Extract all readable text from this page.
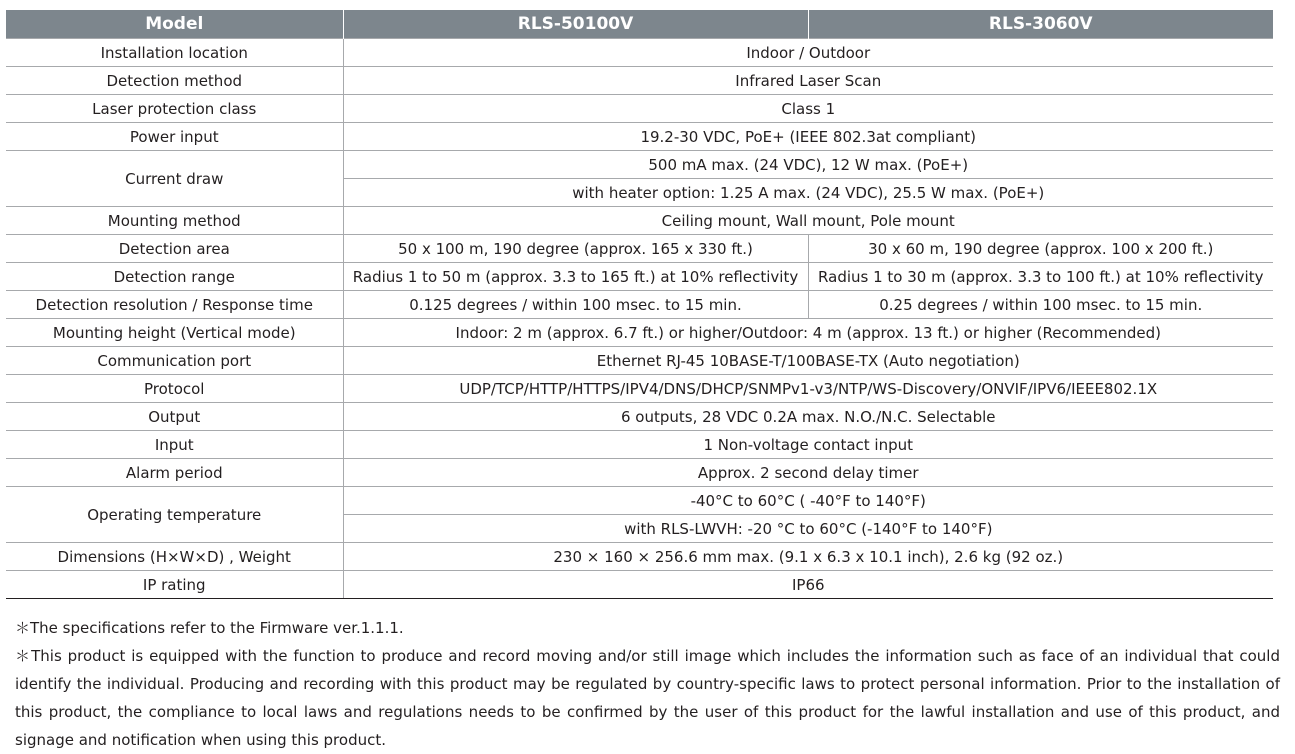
Model	RLS-50100V	RLS-3060V
Installation location	Indoor / Outdoor	
Detection method	Infrared Laser Scan	
Laser protection class	Class 1	
Power input	19.2-30 VDC, PoE+ (IEEE 802.3at compliant)	
Current draw	500 mA max. (24 VDC), 12 W max. (PoE+)	
	with heater option: 1.25 A max. (24 VDC), 25.5 W max. (PoE+)	
Mounting method	Ceiling mount, Wall mount, Pole mount	
Detection area	50 x 100 m, 190 degree (approx. 165 x 330 ft.)	30 x 60 m, 190 degree (approx. 100 x 200 ft.)
Detection range	Radius 1 to 50 m (approx. 3.3 to 165 ft.) at 10% reflectivity	Radius 1 to 30 m (approx. 3.3 to 100 ft.) at 10% reflectivity
Detection resolution / Response time	0.125 degrees / within 100 msec. to 15 min.	0.25 degrees / within 100 msec. to 15 min.
Mounting height (Vertical mode)	Indoor: 2 m (approx. 6.7 ft.) or higher/Outdoor: 4 m (approx. 13 ft.) or higher (Recommended)	
Communication port	Ethernet RJ-45 10BASE-T/100BASE-TX (Auto negotiation)	
Protocol	UDP/TCP/HTTP/HTTPS/IPV4/DNS/DHCP/SNMPv1-v3/NTP/WS-Discovery/ONVIF/IPV6/IEEE802.1X	
Output	6 outputs, 28 VDC 0.2A max. N.O./N.C. Selectable	
Input	1 Non-voltage contact input	
Alarm period	Approx. 2 second delay timer	
Operating temperature	-40°C to 60°C ( -40°F to 140°F)	
	with RLS-LWVH: -20 °C to 60°C (-140°F to 140°F)	
Dimensions (H×W×D) , Weight	230 × 160 × 256.6 mm max. (9.1 x 6.3 x 10.1 inch), 2.6 kg (92 oz.)	
IP rating	IP66	

＊The specifications refer to the Firmware ver.1.1.1.

＊This product is equipped with the function to produce and record moving and/or still image which includes the information such as face of an individual that could identify the individual. Producing and recording with this product may be regulated by country-specific laws to protect personal information. Prior to the installation of this product, the compliance to local laws and regulations needs to be confirmed by the user of this product for the lawful installation and use of this product, and signage and notification when using this product.
